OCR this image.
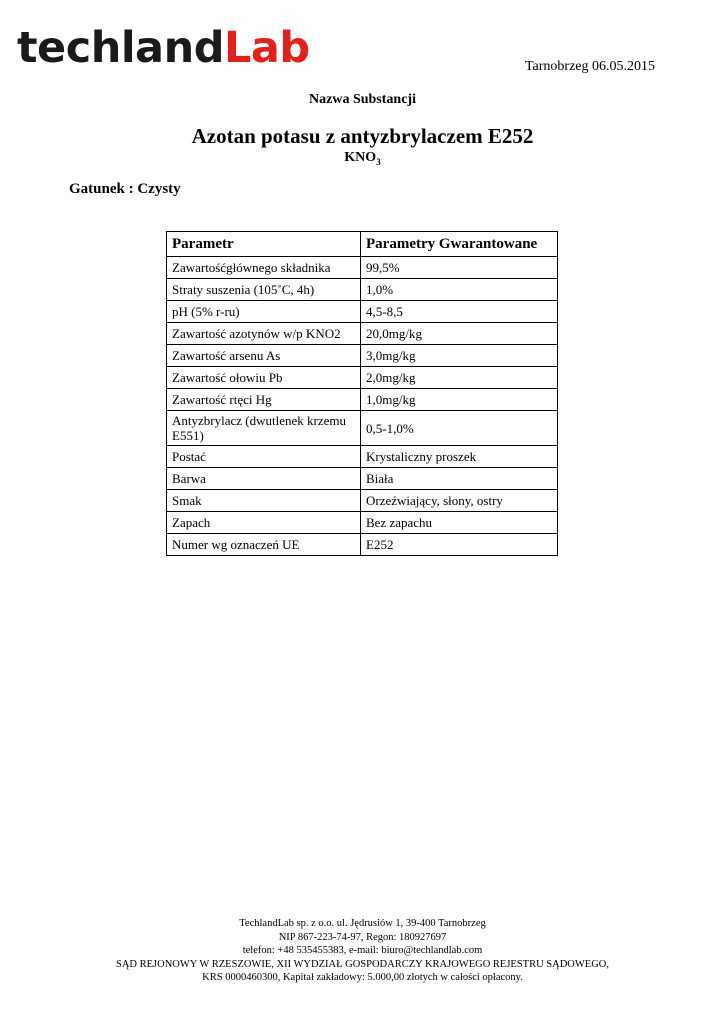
techlandLab	Tarnobrzeg 06.05.2015
Nazwa Substancji
Azotan potasu z antyzbrylaczem E252
$KNO_3$
Gatunek : Czysty
Parametr	Parametry Gwarantowane
Zawartośćgłównego składnika	99,5%
Straty suszenia (105˚C, 4h)	1,0%
pH (5% r-ru)	4,5-8,5
Zawartość azotynów w/p KNO2	20,0mg/kg
Zawartość arsenu As	3,0mg/kg
Zawartość ołowiu Pb	2,0mg/kg
Zawartość rtęci Hg	1,0mg/kg
Antyzbrylacz (dwutlenek krzemu E551)	0,5-1,0%
Postać	Krystaliczny proszek
Barwa	Biała
Smak	Orzeźwiający, słony, ostry
Zapach	Bez zapachu
Numer wg oznaczeń UE	E252
TechlandLab sp. z o.o. ul. Jędrusiów 1, 39-400 Tarnobrzeg
NIP 867-223-74-97, Regon: 180927697
telefon: +48 535455383, e-mail: biuro@techlandlab.com
SĄD REJONOWY W RZESZOWIE, XII WYDZIAŁ GOSPODARCZY KRAJOWEGO REJESTRU SĄDOWEGO,
KRS 0000460300, Kapitał zakładowy: 5.000,00 złotych w całości opłacony.
